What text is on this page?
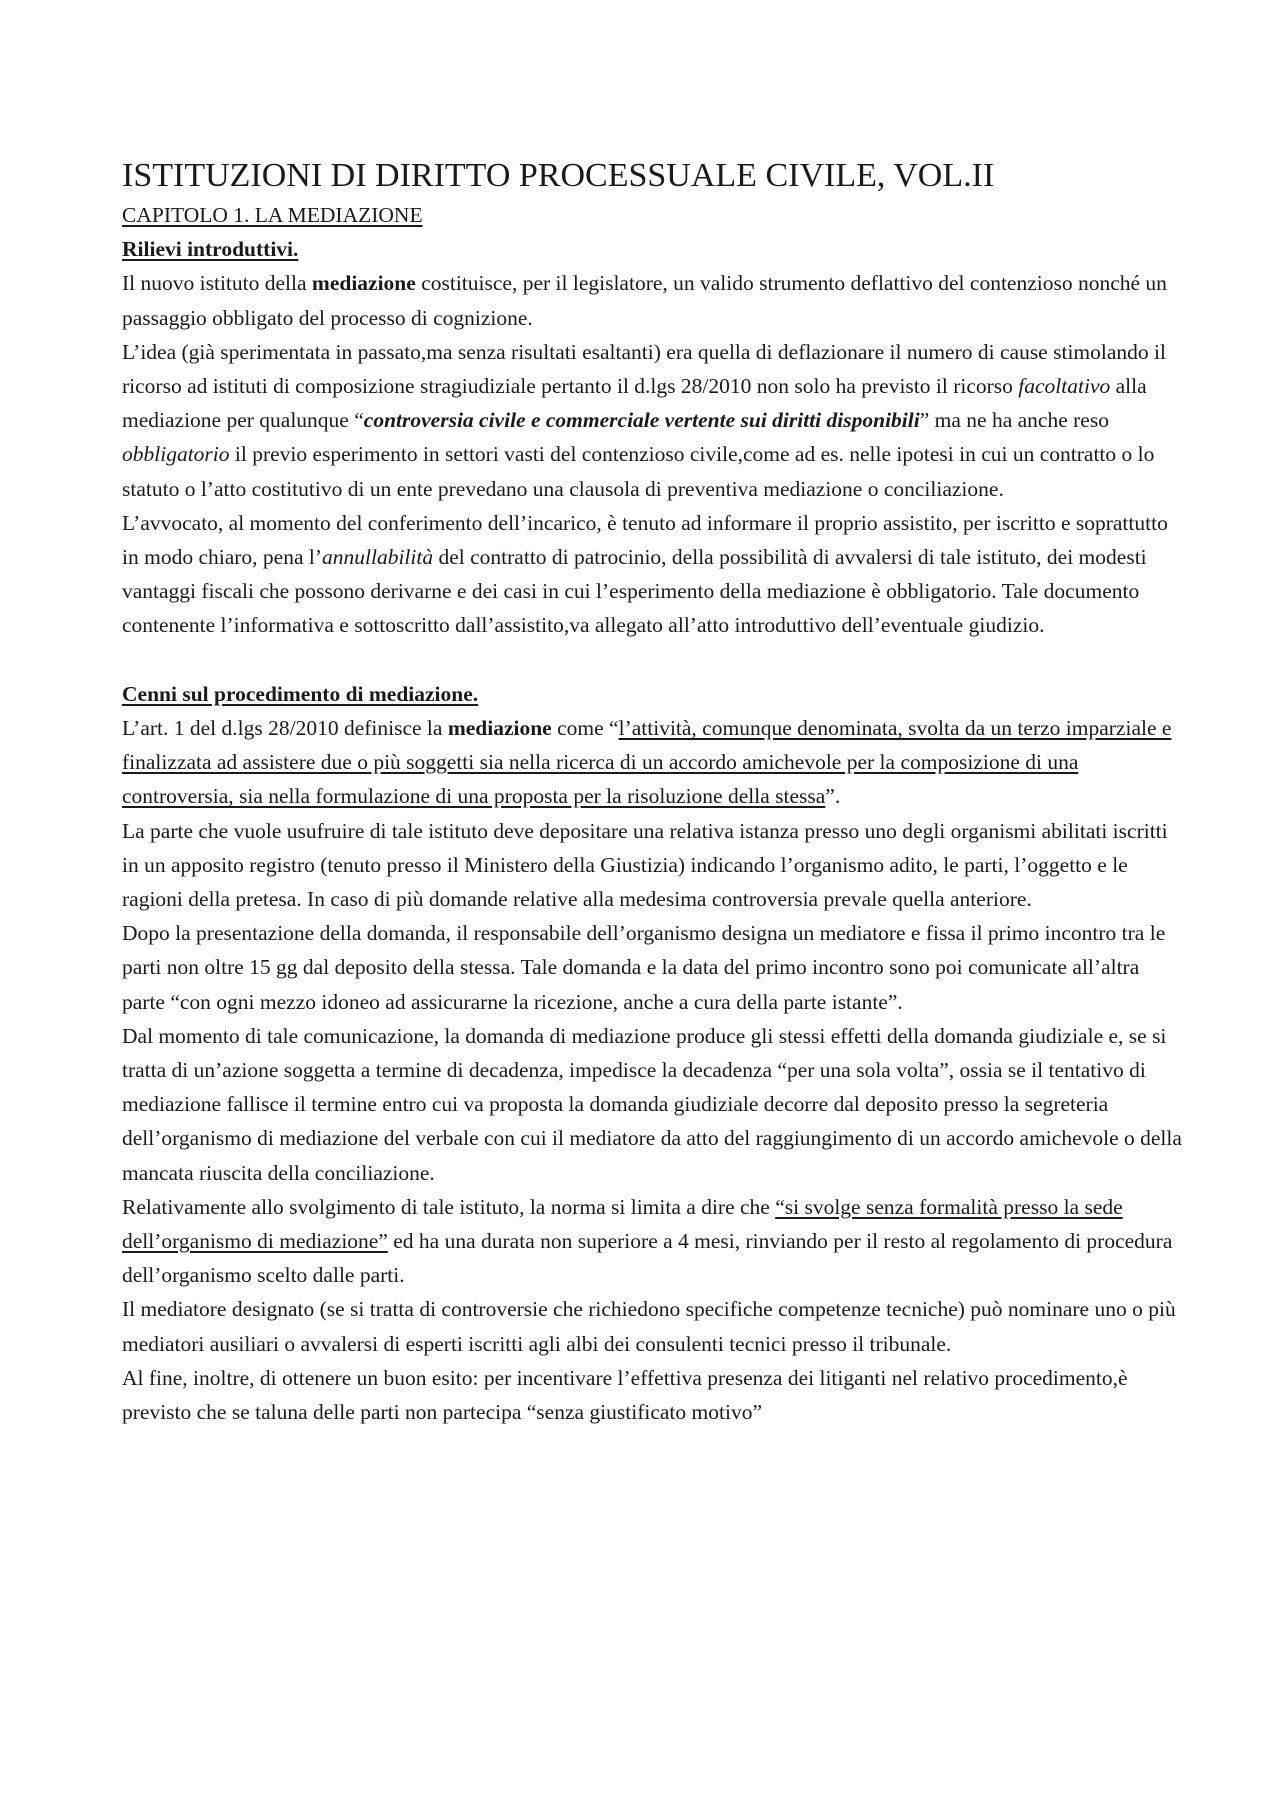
ISTITUZIONI DI DIRITTO PROCESSUALE CIVILE, VOL.II

CAPITOLO 1. LA MEDIAZIONE

Rilievi introduttivi.

Il nuovo istituto della mediazione costituisce, per il legislatore, un valido strumento deflattivo del contenzioso nonché un passaggio obbligato del processo di cognizione.

L’idea (già sperimentata in passato,ma senza risultati esaltanti) era quella di deflazionare il numero di cause stimolando il ricorso ad istituti di composizione stragiudiziale pertanto il d.lgs 28/2010 non solo ha previsto il ricorso facoltativo alla mediazione per qualunque “controversia civile e commerciale vertente sui diritti disponibili” ma ne ha anche reso obbligatorio il previo esperimento in settori vasti del contenzioso civile,come ad es. nelle ipotesi in cui un contratto o lo statuto o l’atto costitutivo di un ente prevedano una clausola di preventiva mediazione o conciliazione.

L’avvocato, al momento del conferimento dell’incarico, è tenuto ad informare il proprio assistito, per iscritto e soprattutto in modo chiaro, pena l’annullabilità del contratto di patrocinio, della possibilità di avvalersi di tale istituto, dei modesti vantaggi fiscali che possono derivarne e dei casi in cui l’esperimento della mediazione è obbligatorio. Tale documento contenente l’informativa e sottoscritto dall’assistito,va allegato all’atto introduttivo dell’eventuale giudizio.

Cenni sul procedimento di mediazione.

L’art. 1 del d.lgs 28/2010 definisce la mediazione come “l’attività, comunque denominata, svolta da un terzo imparziale e finalizzata ad assistere due o più soggetti sia nella ricerca di un accordo amichevole per la composizione di una controversia, sia nella formulazione di una proposta per la risoluzione della stessa”.

La parte che vuole usufruire di tale istituto deve depositare una relativa istanza presso uno degli organismi abilitati iscritti in un apposito registro (tenuto presso il Ministero della Giustizia) indicando l’organismo adito, le parti, l’oggetto e le ragioni della pretesa. In caso di più domande relative alla medesima controversia prevale quella anteriore.

Dopo la presentazione della domanda, il responsabile dell’organismo designa un mediatore e fissa il primo incontro tra le parti non oltre 15 gg dal deposito della stessa. Tale domanda e la data del primo incontro sono poi comunicate all’altra parte “con ogni mezzo idoneo ad assicurarne la ricezione, anche a cura della parte istante”.

Dal momento di tale comunicazione, la domanda di mediazione produce gli stessi effetti della domanda giudiziale e, se si tratta di un’azione soggetta a termine di decadenza, impedisce la decadenza “per una sola volta”, ossia se il tentativo di mediazione fallisce il termine entro cui va proposta la domanda giudiziale decorre dal deposito presso la segreteria dell’organismo di mediazione del verbale con cui il mediatore da atto del raggiungimento di un accordo amichevole o della mancata riuscita della conciliazione.

Relativamente allo svolgimento di tale istituto, la norma si limita a dire che “si svolge senza formalità presso la sede dell’organismo di mediazione” ed ha una durata non superiore a 4 mesi, rinviando per il resto al regolamento di procedura dell’organismo scelto dalle parti.

Il mediatore designato (se si tratta di controversie che richiedono specifiche competenze tecniche) può nominare uno o più mediatori ausiliari o avvalersi di esperti iscritti agli albi dei consulenti tecnici presso il tribunale.

Al fine, inoltre, di ottenere un buon esito: per incentivare l’effettiva presenza dei litiganti nel relativo procedimento,è previsto che se taluna delle parti non partecipa “senza giustificato motivo”
